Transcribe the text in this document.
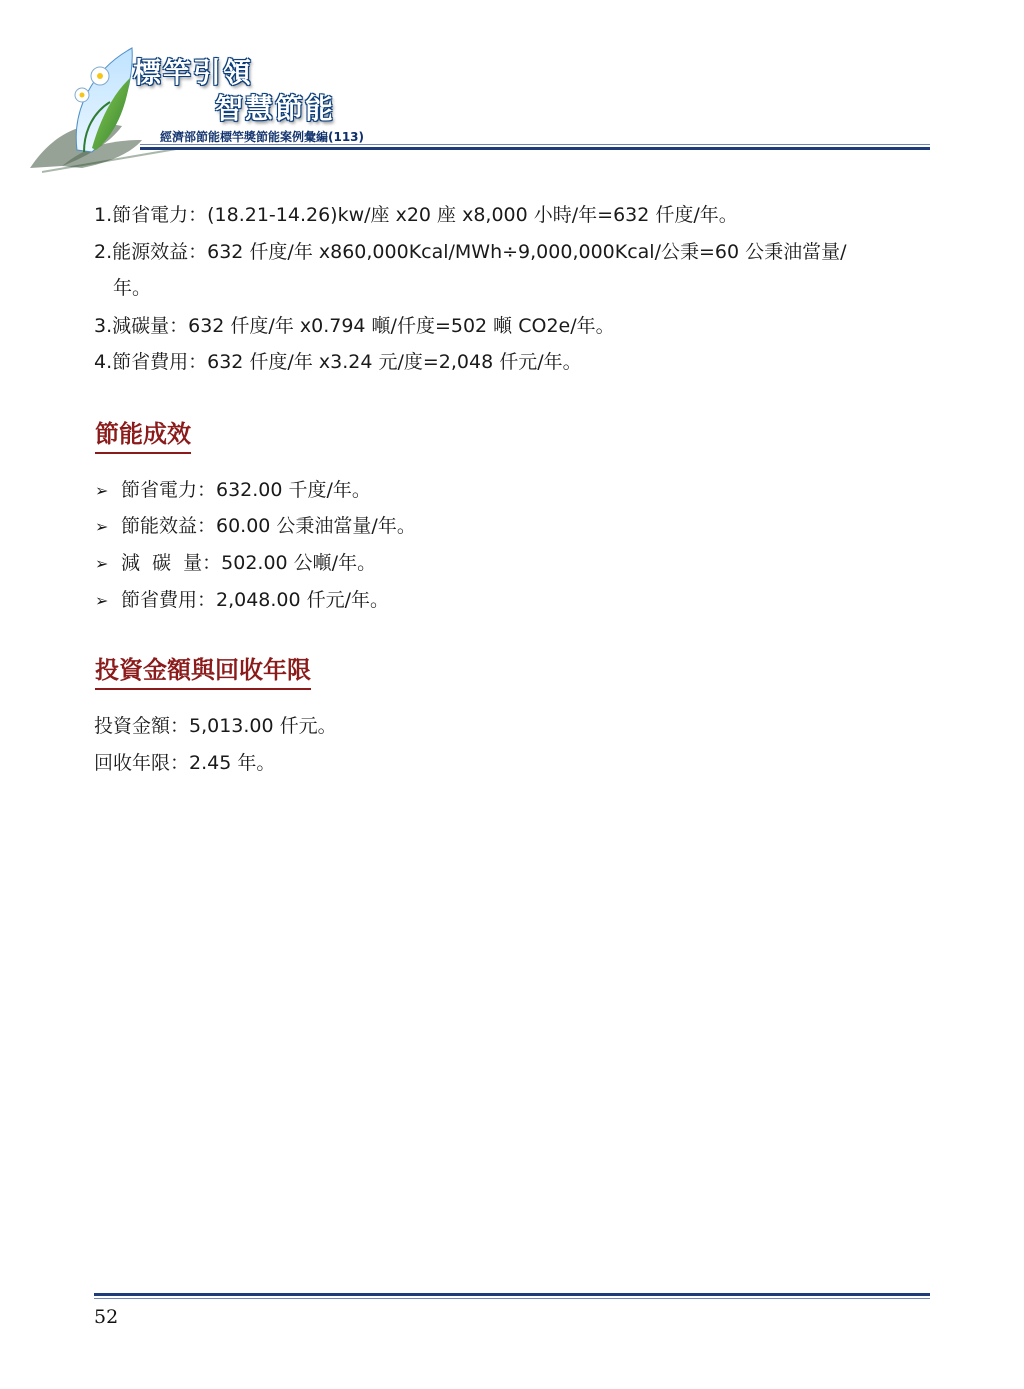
標竿引領
智慧節能
經濟部節能標竿獎節能案例彙編(113)
1.節省電力：(18.21-14.26)kw/座 x20 座 x8,000 小時/年=632 仟度/年。
2.能源效益：632 仟度/年 x860,000Kcal/MWh÷9,000,000Kcal/公秉=60 公秉油當量/
年。
3.減碳量：632 仟度/年 x0.794 噸/仟度=502 噸 CO2e/年。
4.節省費用：632 仟度/年 x3.24 元/度=2,048 仟元/年。
節能成效
➢ 節省電力：632.00 千度/年。
➢ 節能效益：60.00 公秉油當量/年。
➢ 減  碳  量：502.00 公噸/年。
➢ 節省費用：2,048.00 仟元/年。
投資金額與回收年限
投資金額：5,013.00 仟元。
回收年限：2.45 年。
52
